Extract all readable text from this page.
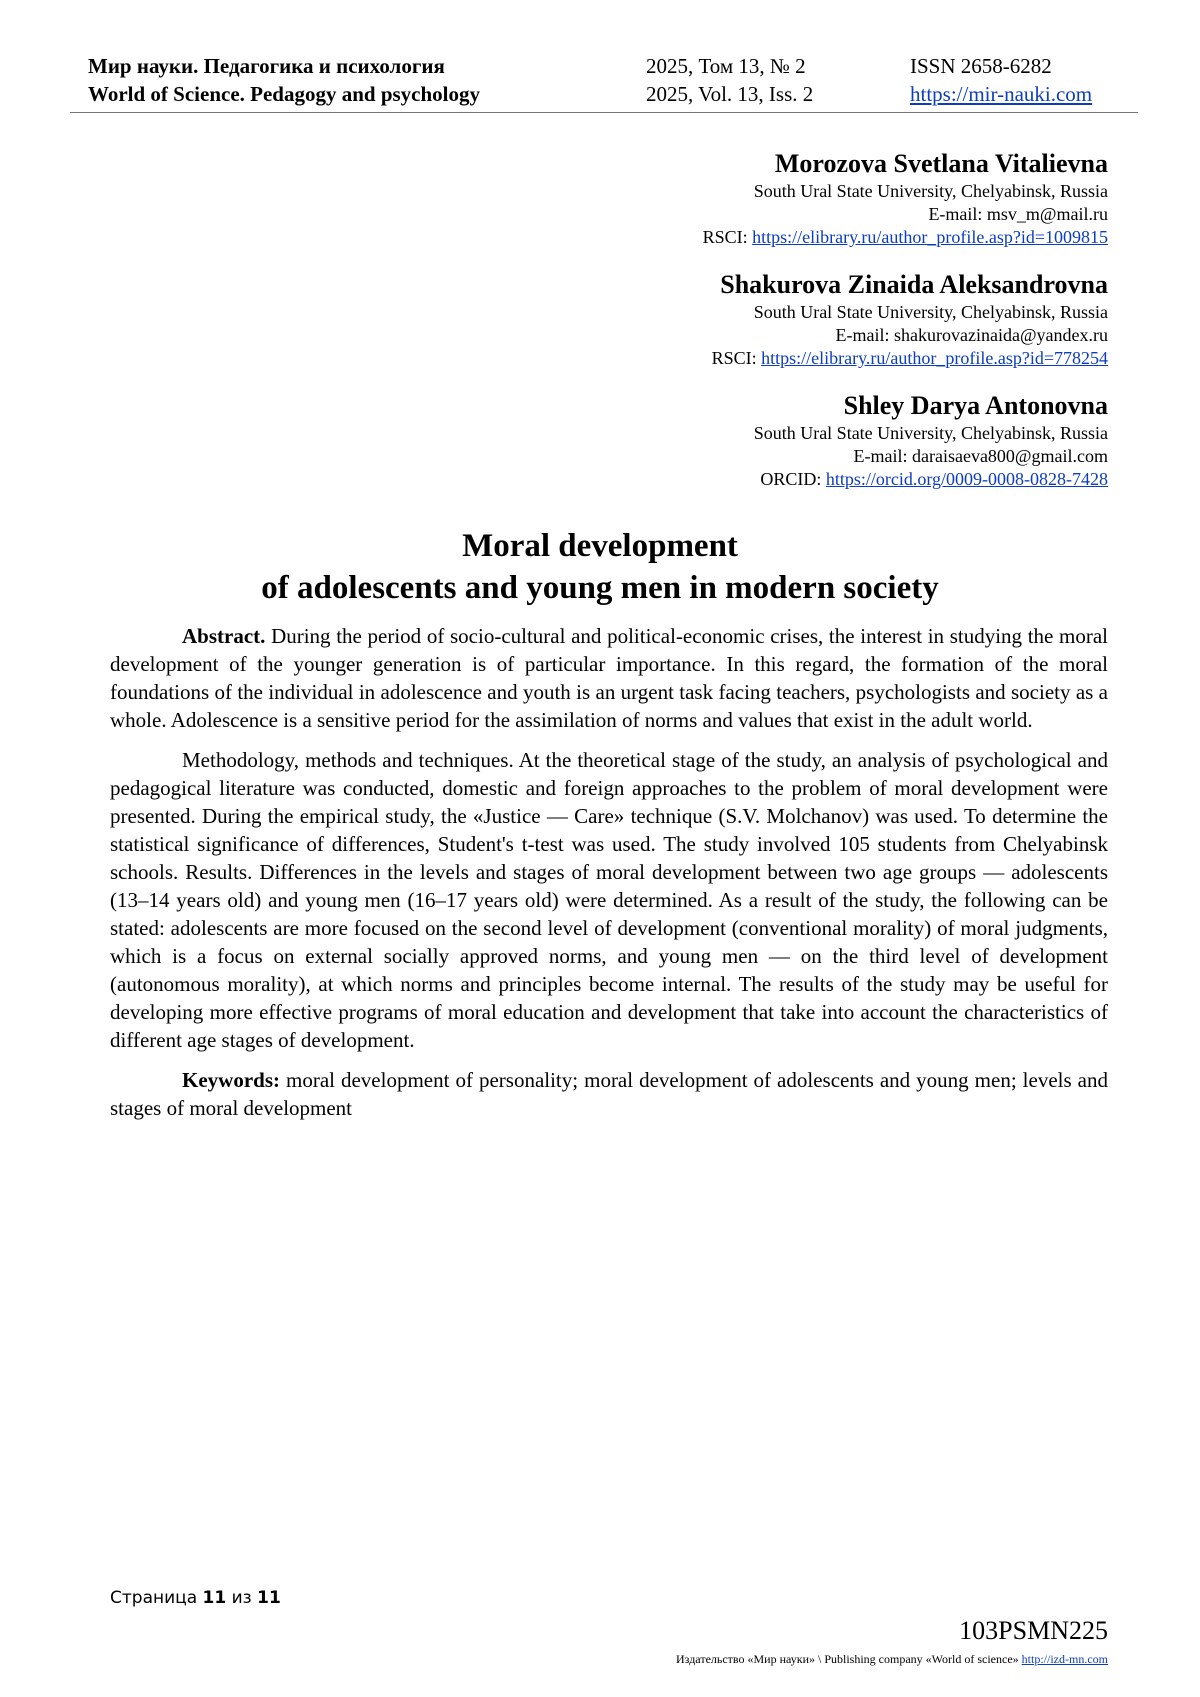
Мир науки. Педагогика и психология
World of Science. Pedagogy and psychology
2025, Том 13, № 2
2025, Vol. 13, Iss. 2
ISSN 2658-6282
https://mir-nauki.com
Morozova Svetlana Vitalievna
South Ural State University, Chelyabinsk, Russia
E-mail: msv_m@mail.ru
RSCI: https://elibrary.ru/author_profile.asp?id=1009815
Shakurova Zinaida Aleksandrovna
South Ural State University, Chelyabinsk, Russia
E-mail: shakurovazinaida@yandex.ru
RSCI: https://elibrary.ru/author_profile.asp?id=778254
Shley Darya Antonovna
South Ural State University, Chelyabinsk, Russia
E-mail: daraisaeva800@gmail.com
ORCID: https://orcid.org/0009-0008-0828-7428
Moral development
of adolescents and young men in modern society

Abstract. During the period of socio-cultural and political-economic crises, the interest in studying the moral development of the younger generation is of particular importance. In this regard, the formation of the moral foundations of the individual in adolescence and youth is an urgent task facing teachers, psychologists and society as a whole. Adolescence is a sensitive period for the assimilation of norms and values that exist in the adult world.

Methodology, methods and techniques. At the theoretical stage of the study, an analysis of psychological and pedagogical literature was conducted, domestic and foreign approaches to the problem of moral development were presented. During the empirical study, the «Justice — Care» technique (S.V. Molchanov) was used. To determine the statistical significance of differences, Student's t-test was used. The study involved 105 students from Chelyabinsk schools. Results. Differences in the levels and stages of moral development between two age groups — adolescents (13–14 years old) and young men (16–17 years old) were determined. As a result of the study, the following can be stated: adolescents are more focused on the second level of development (conventional morality) of moral judgments, which is a focus on external socially approved norms, and young men — on the third level of development (autonomous morality), at which norms and principles become internal. The results of the study may be useful for developing more effective programs of moral education and development that take into account the characteristics of different age stages of development.

Keywords: moral development of personality; moral development of adolescents and young men; levels and stages of moral development

Страница 11 из 11
103PSMN225
Издательство «Мир науки» \ Publishing company «World of science» http://izd-mn.com
